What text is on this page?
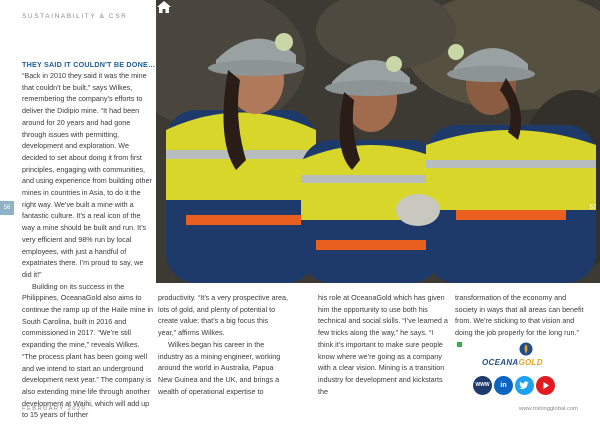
SUSTAINABILITY & CSR
57
56
THEY SAID IT COULDN'T BE DONE…

“Back in 2010 they said it was the mine that couldn’t be built,” says Wilkes, remembering the company’s efforts to deliver the Didipio mine. “It had been around for 20 years and had gone through issues with permitting, development and exploration. We decided to set about doing it from first principles, engaging with communities, and using experience from building other mines in countries in Asia, to do it the right way. We’ve built a mine with a fantastic culture. It’s a real icon of the way a mine should be built and run. It’s very efficient and 98% run by local employees, with just a handful of expatriates there. I’m proud to say, we did it!”

Building on its success in the Philippines, OceanaGold also aims to continue the ramp up of the Haile mine in South Carolina, built in 2016 and commissioned in 2017. “We’re still expanding the mine,” reveals Wilkes. “The process plant has been going well and we intend to start an underground development next year.” The company is also extending mine life through another development at Waihi, which will add up to 15 years of further

productivity. “It’s a very prospective area, lots of gold, and plenty of potential to create value: that’s a big focus this year,” affirms Wilkes.

Wilkes began his career in the industry as a mining engineer, working around the world in Australia, Papua New Guinea and the UK, and brings a wealth of operational expertise to

his role at OceanaGold which has given him the opportunity to use both his technical and social skills. “I’ve learned a few tricks along the way,” he says. “I think it’s important to make sure people know where we’re going as a company with a clear vision. Mining is a transition industry for development and kickstarts the

transformation of the economy and society in ways that all areas can benefit from. We’re sticking to that vision and doing the job properly for the long run.”

OCEANAGOLD
WWW	in
FEBRUARY 2020	www.miningglobal.com
